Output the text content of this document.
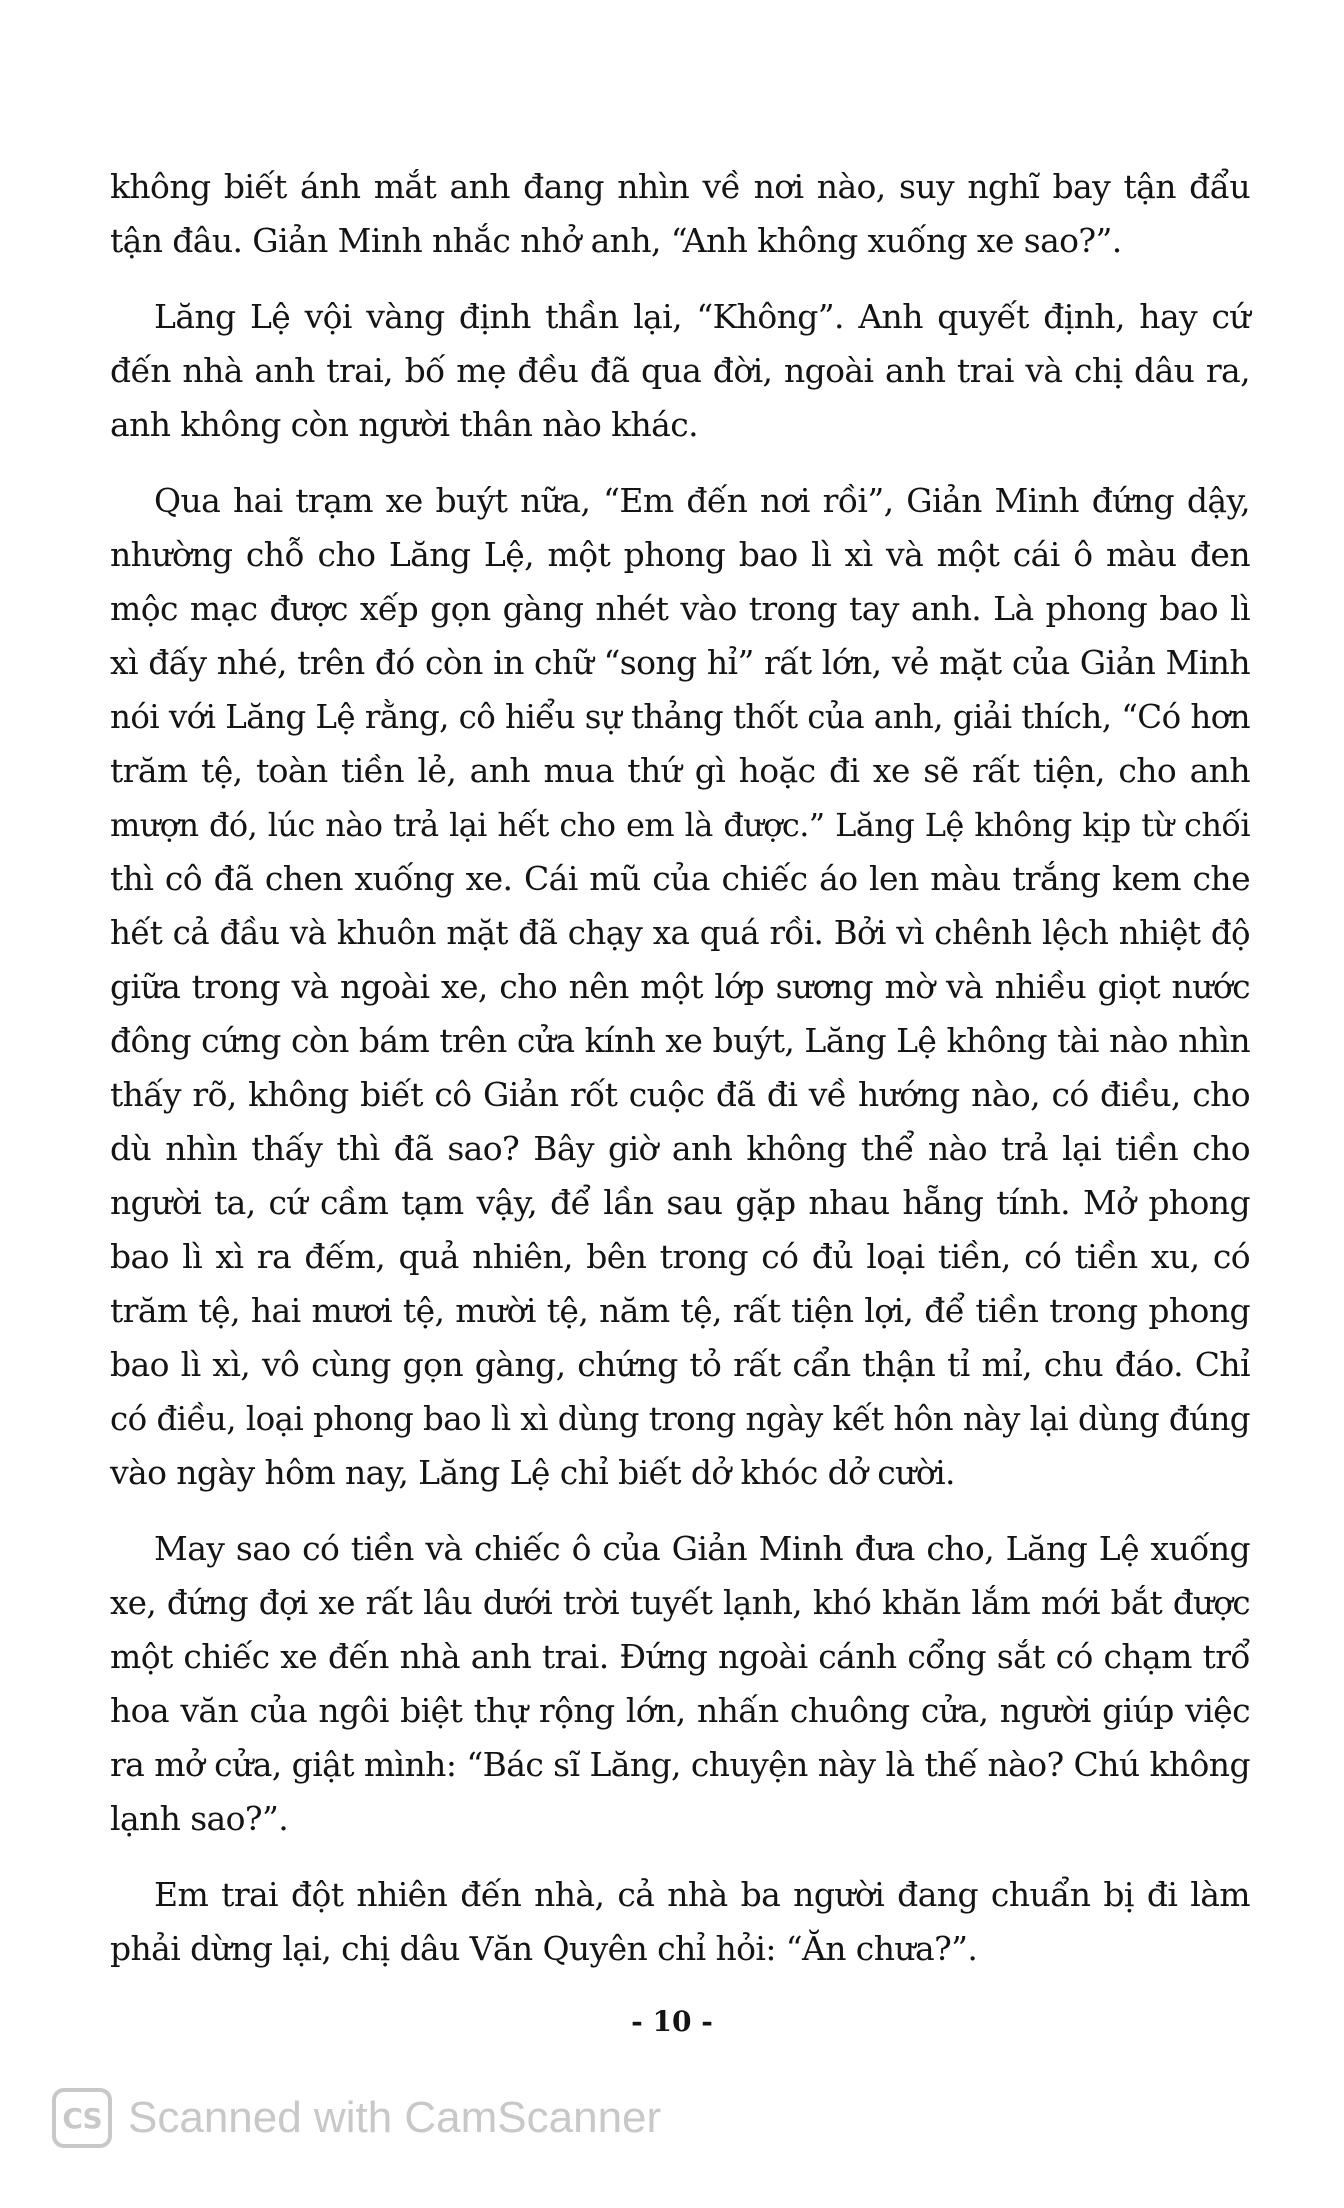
không biết ánh mắt anh đang nhìn về nơi nào, suy nghĩ bay tận đẩu
tận đâu. Giản Minh nhắc nhở anh, “Anh không xuống xe sao?”.
Lăng Lệ vội vàng định thần lại, “Không”. Anh quyết định, hay cứ
đến nhà anh trai, bố mẹ đều đã qua đời, ngoài anh trai và chị dâu ra,
anh không còn người thân nào khác.
Qua hai trạm xe buýt nữa, “Em đến nơi rồi”, Giản Minh đứng dậy,
nhường chỗ cho Lăng Lệ, một phong bao lì xì và một cái ô màu đen
mộc mạc được xếp gọn gàng nhét vào trong tay anh. Là phong bao lì
xì đấy nhé, trên đó còn in chữ “song hỉ” rất lớn, vẻ mặt của Giản Minh
nói với Lăng Lệ rằng, cô hiểu sự thảng thốt của anh, giải thích, “Có hơn
trăm tệ, toàn tiền lẻ, anh mua thứ gì hoặc đi xe sẽ rất tiện, cho anh
mượn đó, lúc nào trả lại hết cho em là được.” Lăng Lệ không kịp từ chối
thì cô đã chen xuống xe. Cái mũ của chiếc áo len màu trắng kem che
hết cả đầu và khuôn mặt đã chạy xa quá rồi. Bởi vì chênh lệch nhiệt độ
giữa trong và ngoài xe, cho nên một lớp sương mờ và nhiều giọt nước
đông cứng còn bám trên cửa kính xe buýt, Lăng Lệ không tài nào nhìn
thấy rõ, không biết cô Giản rốt cuộc đã đi về hướng nào, có điều, cho
dù nhìn thấy thì đã sao? Bây giờ anh không thể nào trả lại tiền cho
người ta, cứ cầm tạm vậy, để lần sau gặp nhau hẵng tính. Mở phong
bao lì xì ra đếm, quả nhiên, bên trong có đủ loại tiền, có tiền xu, có
trăm tệ, hai mươi tệ, mười tệ, năm tệ, rất tiện lợi, để tiền trong phong
bao lì xì, vô cùng gọn gàng, chứng tỏ rất cẩn thận tỉ mỉ, chu đáo. Chỉ
có điều, loại phong bao lì xì dùng trong ngày kết hôn này lại dùng đúng
vào ngày hôm nay, Lăng Lệ chỉ biết dở khóc dở cười.
May sao có tiền và chiếc ô của Giản Minh đưa cho, Lăng Lệ xuống
xe, đứng đợi xe rất lâu dưới trời tuyết lạnh, khó khăn lắm mới bắt được
một chiếc xe đến nhà anh trai. Đứng ngoài cánh cổng sắt có chạm trổ
hoa văn của ngôi biệt thự rộng lớn, nhấn chuông cửa, người giúp việc
ra mở cửa, giật mình: “Bác sĩ Lăng, chuyện này là thế nào? Chú không
lạnh sao?”.
Em trai đột nhiên đến nhà, cả nhà ba người đang chuẩn bị đi làm
phải dừng lại, chị dâu Văn Quyên chỉ hỏi: “Ăn chưa?”.
- 10 -
CS Scanned with CamScanner
